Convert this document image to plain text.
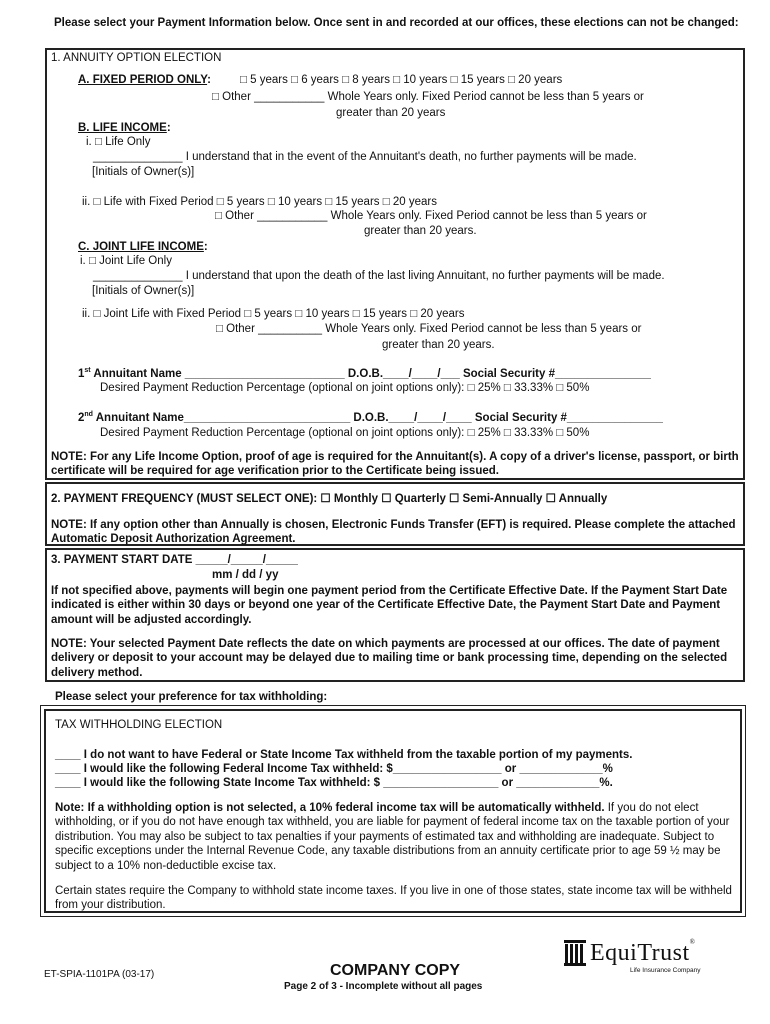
Please select your Payment Information below. Once sent in and recorded at our offices, these elections can not be changed:
1. ANNUITY OPTION ELECTION
A. FIXED PERIOD ONLY:	□ 5 years □ 6 years □ 8 years □ 10 years □ 15 years □ 20 years
□ Other ___________ Whole Years only. Fixed Period cannot be less than 5 years or
greater than 20 years
B. LIFE INCOME:
i. □ Life Only
______________ I understand that in the event of the Annuitant's death, no further payments will be made.
[Initials of Owner(s)]
ii. □ Life with Fixed Period □ 5 years □ 10 years □ 15 years □ 20 years
□ Other ___________ Whole Years only. Fixed Period cannot be less than 5 years or
greater than 20 years.
C. JOINT LIFE INCOME:
i. □ Joint Life Only
______________ I understand that upon the death of the last living Annuitant, no further payments will be made.
[Initials of Owner(s)]
ii. □ Joint Life with Fixed Period □ 5 years □ 10 years □ 15 years □ 20 years
□ Other __________ Whole Years only. Fixed Period cannot be less than 5 years or
greater than 20 years.
1st Annuitant Name _________________________ D.O.B.____/____/___ Social Security #_______________
Desired Payment Reduction Percentage (optional on joint options only): □ 25% □ 33.33% □ 50%
2nd Annuitant Name__________________________ D.O.B.____/____/____ Social Security #_______________
Desired Payment Reduction Percentage (optional on joint options only): □ 25% □ 33.33% □ 50%
NOTE: For any Life Income Option, proof of age is required for the Annuitant(s). A copy of a driver's license, passport, or birth certificate will be required for age verification prior to the Certificate being issued.
2. PAYMENT FREQUENCY (MUST SELECT ONE): ☐ Monthly ☐ Quarterly ☐ Semi-Annually ☐ Annually
NOTE: If any option other than Annually is chosen, Electronic Funds Transfer (EFT) is required. Please complete the attached Automatic Deposit Authorization Agreement.
3. PAYMENT START DATE _____/_____/_____
mm / dd / yy
If not specified above, payments will begin one payment period from the Certificate Effective Date. If the Payment Start Date indicated is either within 30 days or beyond one year of the Certificate Effective Date, the Payment Start Date and Payment amount will be adjusted accordingly.
NOTE: Your selected Payment Date reflects the date on which payments are processed at our offices. The date of payment delivery or deposit to your account may be delayed due to mailing time or bank processing time, depending on the selected delivery method.
Please select your preference for tax withholding:
TAX WITHHOLDING ELECTION
____ I do not want to have Federal or State Income Tax withheld from the taxable portion of my payments.
____ I would like the following Federal Income Tax withheld: $_________________ or _____________%
____ I would like the following State Income Tax withheld: $ __________________ or _____________%.
Note: If a withholding option is not selected, a 10% federal income tax will be automatically withheld. If you do not elect withholding, or if you do not have enough tax withheld, you are liable for payment of federal income tax on the taxable portion of your distribution. You may also be subject to tax penalties if your payments of estimated tax and withholding are inadequate. Subject to specific exceptions under the Internal Revenue Code, any taxable distributions from an annuity certificate prior to age 59 ½ may be subject to a 10% non-deductible excise tax.
Certain states require the Company to withhold state income taxes. If you live in one of those states, state income tax will be withheld from your distribution.
ET-SPIA-1101PA (03-17)	COMPANY COPY
Page 2 of 3 - Incomplete without all pages
EquiTrust®
Life Insurance Company
